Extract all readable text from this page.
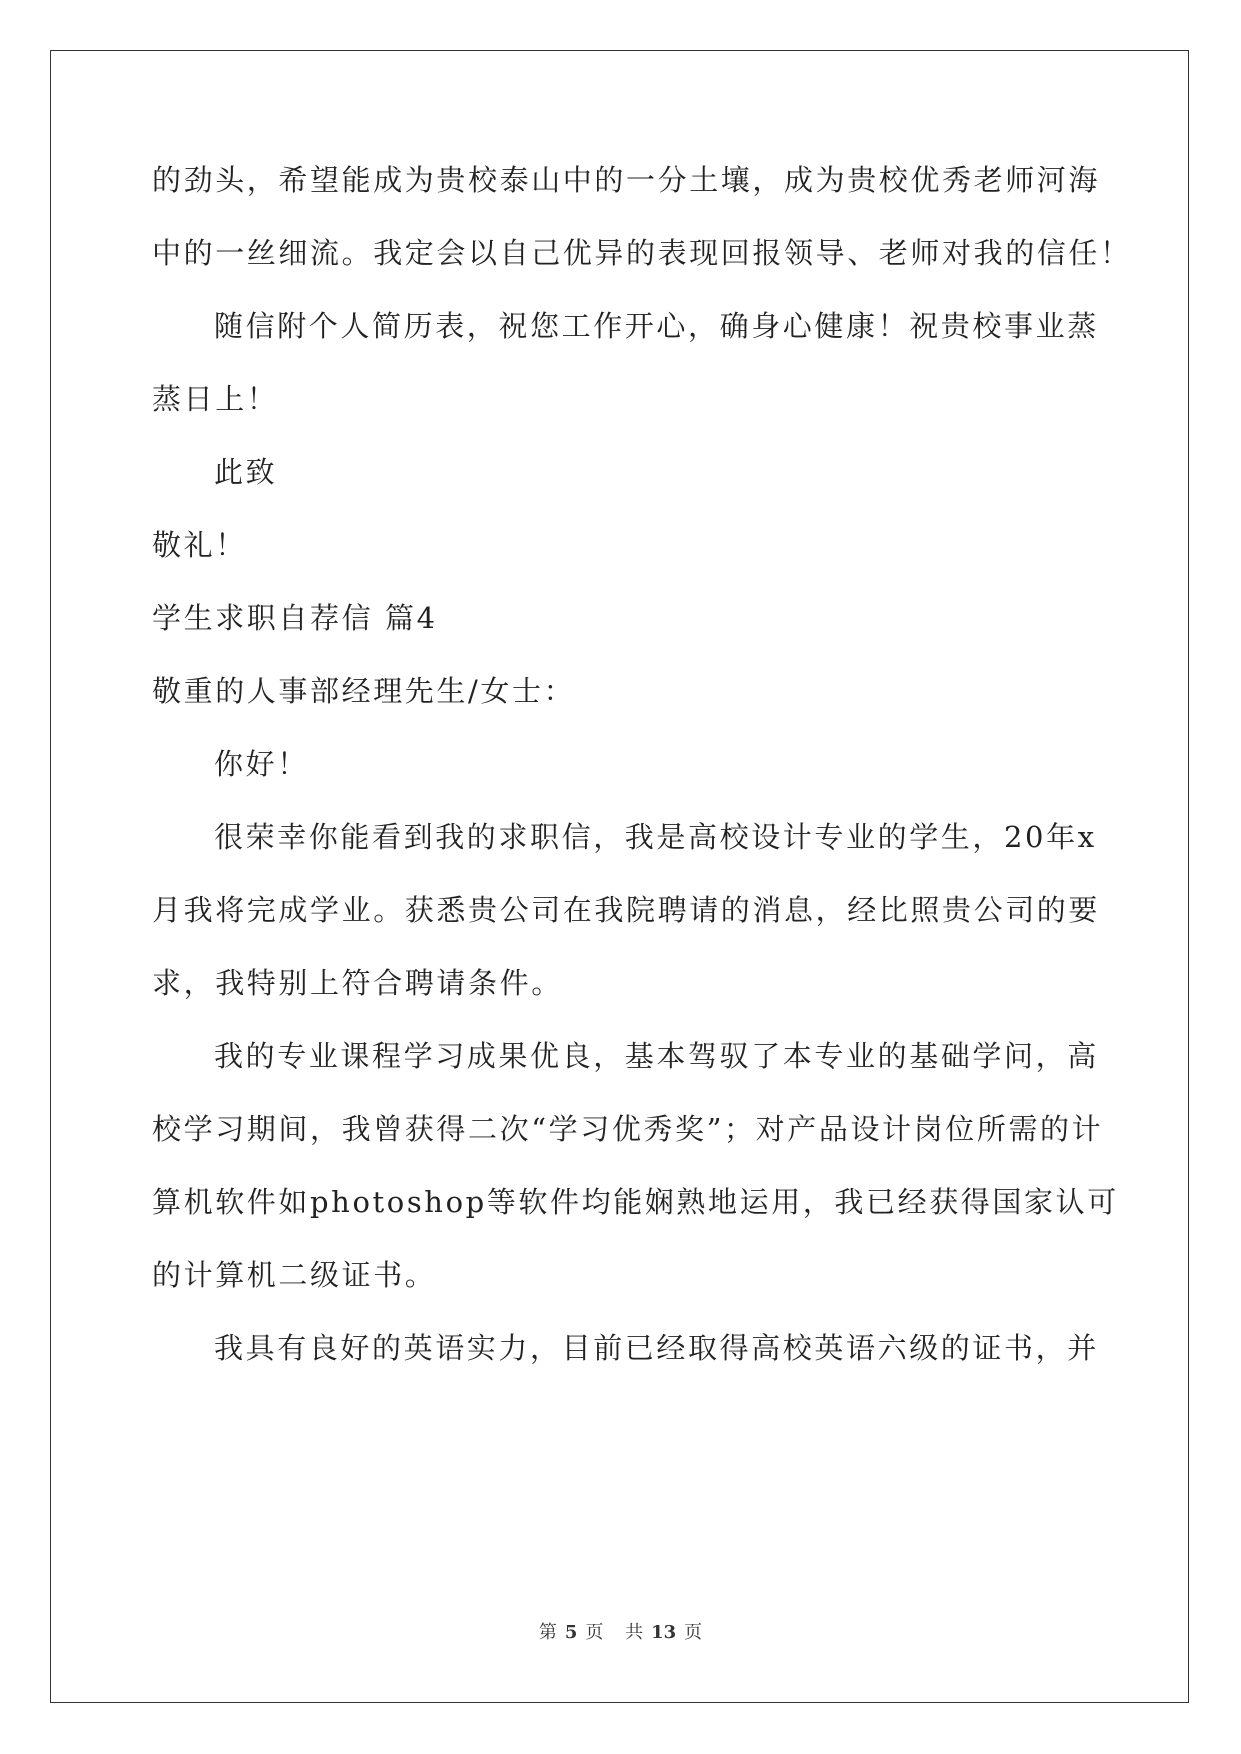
的劲头，希望能成为贵校泰山中的一分土壤，成为贵校优秀老师河海
中的一丝细流。我定会以自己优异的表现回报领导、老师对我的信任！
随信附个人简历表，祝您工作开心，确身心健康！祝贵校事业蒸
蒸日上！
此致
敬礼！
学生求职自荐信 篇4
敬重的人事部经理先生/女士：
你好！
很荣幸你能看到我的求职信，我是高校设计专业的学生，20年x
月我将完成学业。获悉贵公司在我院聘请的消息，经比照贵公司的要
求，我特别上符合聘请条件。
我的专业课程学习成果优良，基本驾驭了本专业的基础学问，高
校学习期间，我曾获得二次“学习优秀奖”；对产品设计岗位所需的计
算机软件如photoshop等软件均能娴熟地运用，我已经获得国家认可
的计算机二级证书。
我具有良好的英语实力，目前已经取得高校英语六级的证书，并
第 5 页 共 13 页
